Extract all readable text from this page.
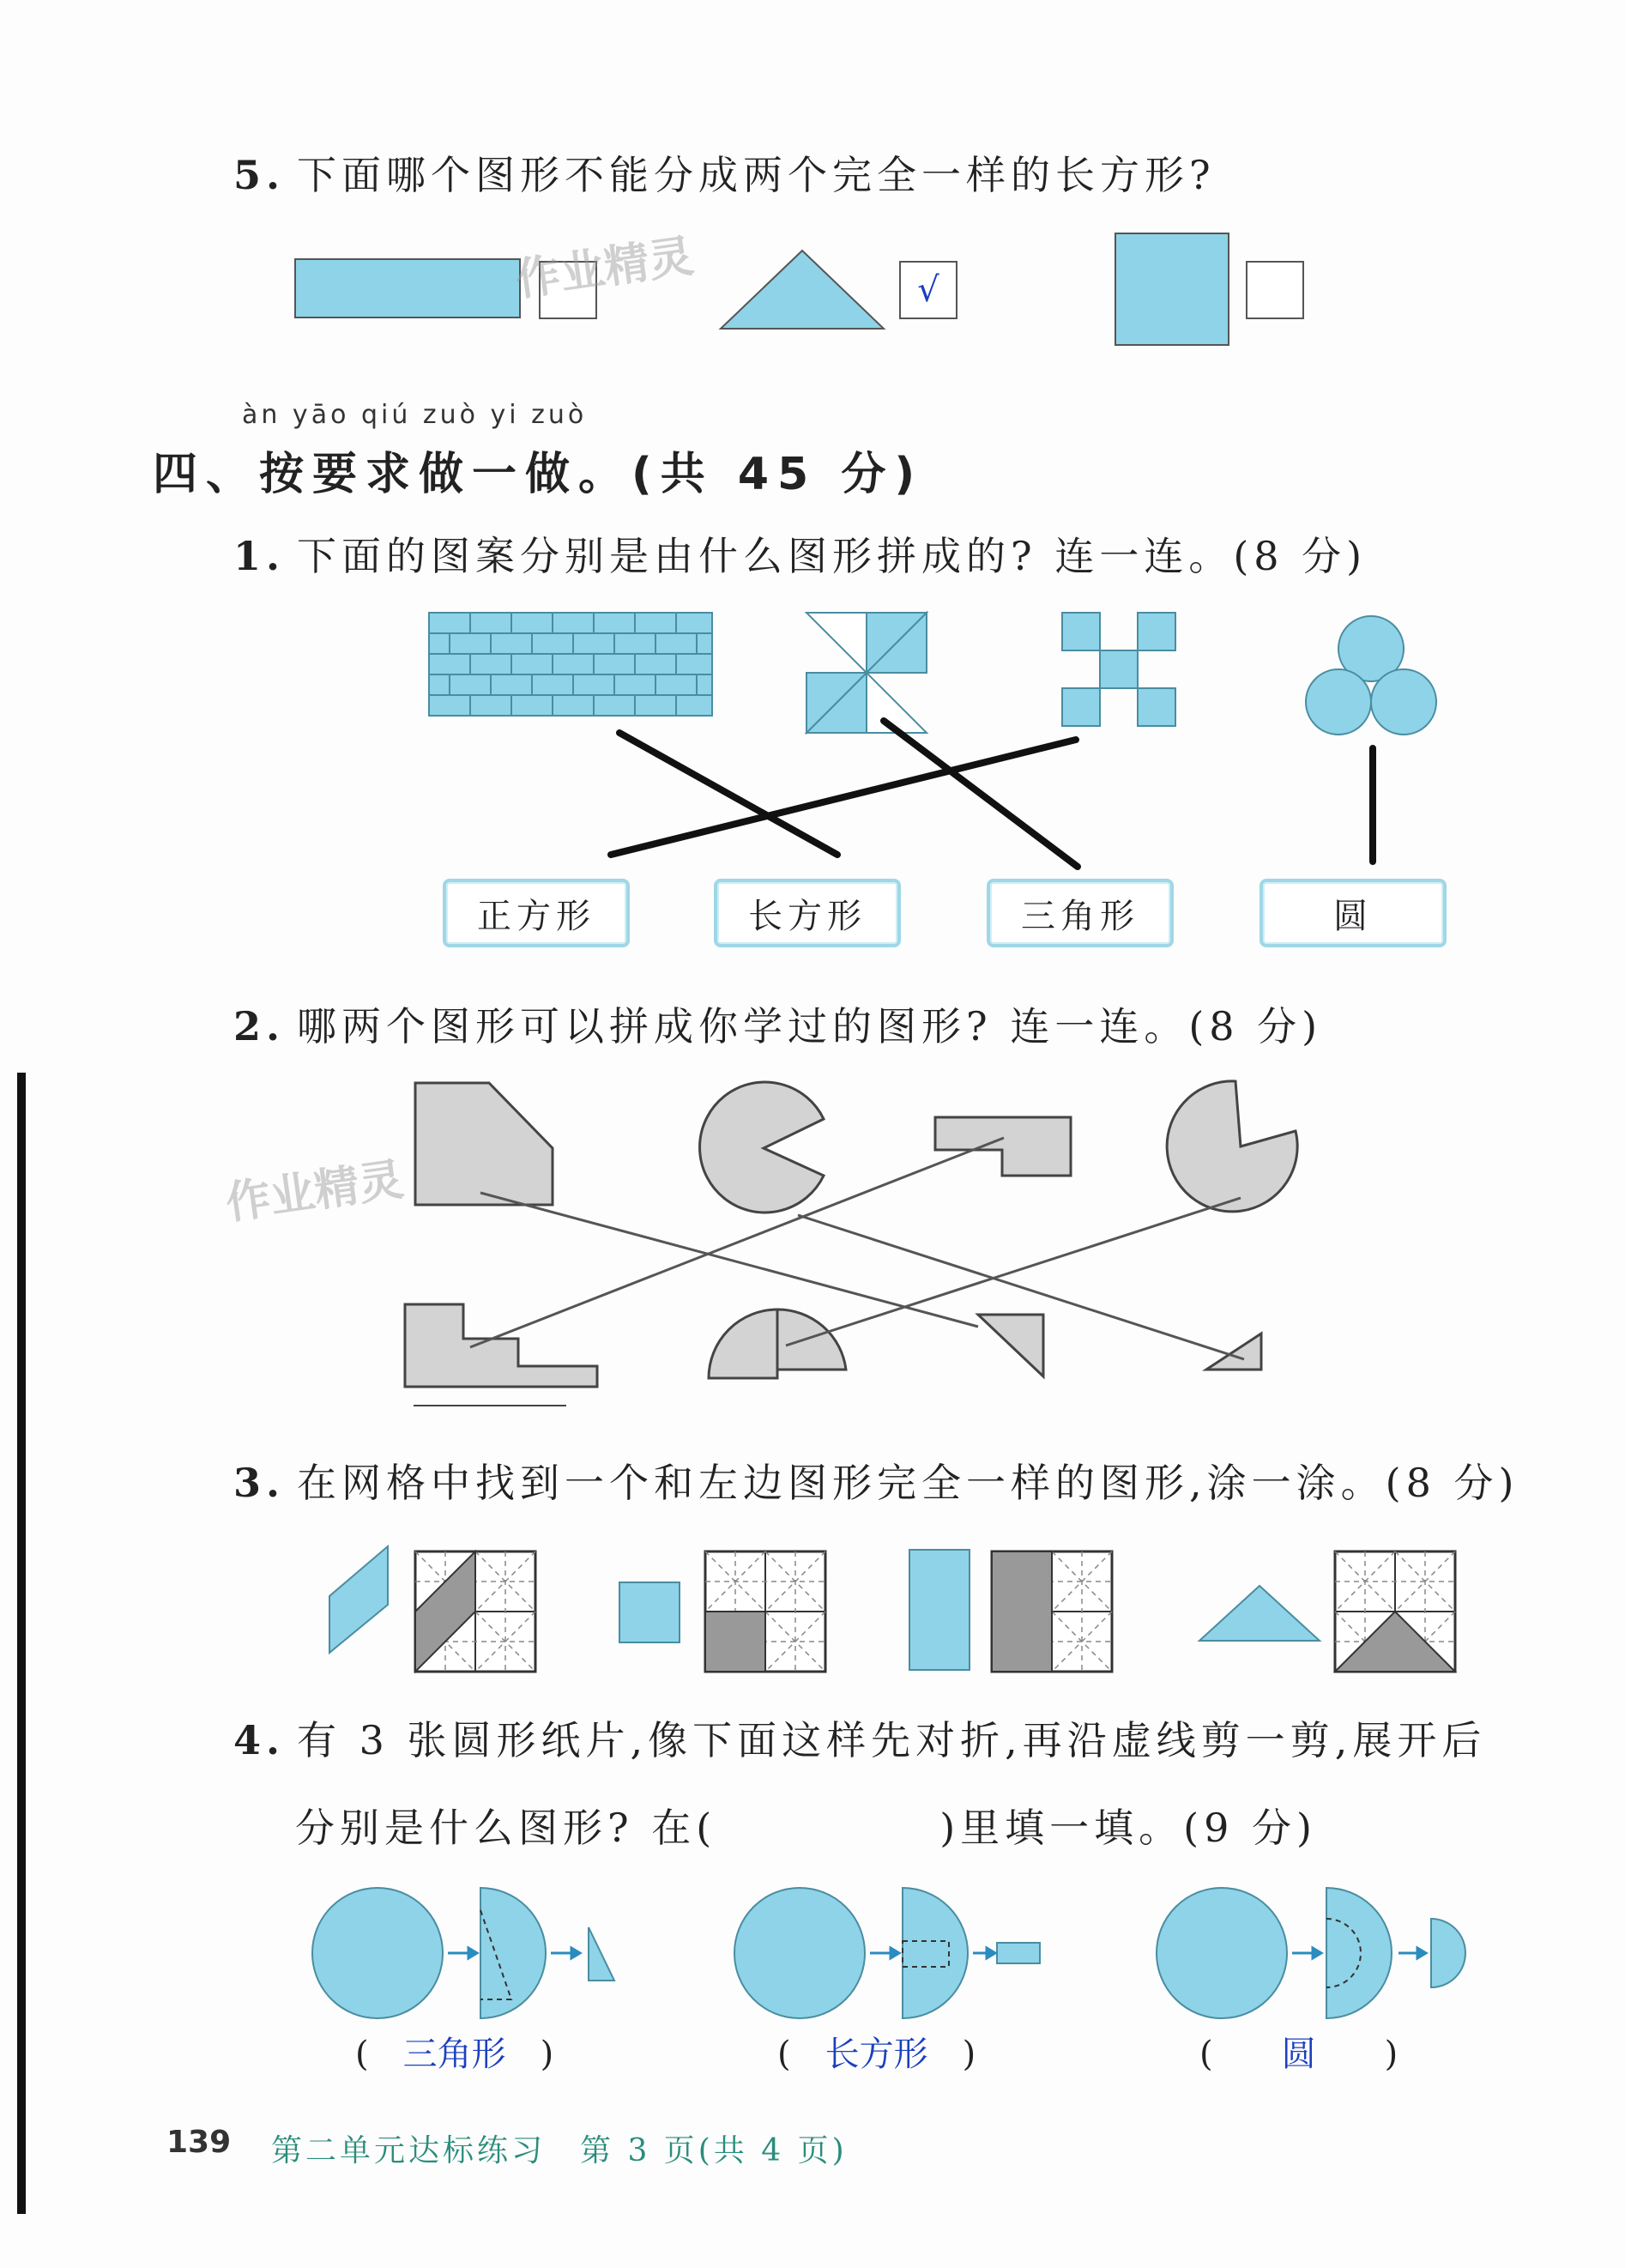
5. 下面哪个图形不能分成两个完全一样的长方形?
√
作业精灵
àn yāo qiú zuò yi zuò
四、按要求做一做。(共 45 分)
1. 下面的图案分别是由什么图形拼成的? 连一连。(8 分)
正方形	长方形	三角形	圆
2. 哪两个图形可以拼成你学过的图形? 连一连。(8 分)
作业精灵
3. 在网格中找到一个和左边图形完全一样的图形,涂一涂。(8 分)
4. 有 3 张圆形纸片,像下面这样先对折,再沿虚线剪一剪,展开后
分别是什么图形? 在(　　　　　)里填一填。(9 分)
(　三角形　)	(　长方形　)	(　　圆　　)
139 第二单元达标练习　第 3 页(共 4 页)
